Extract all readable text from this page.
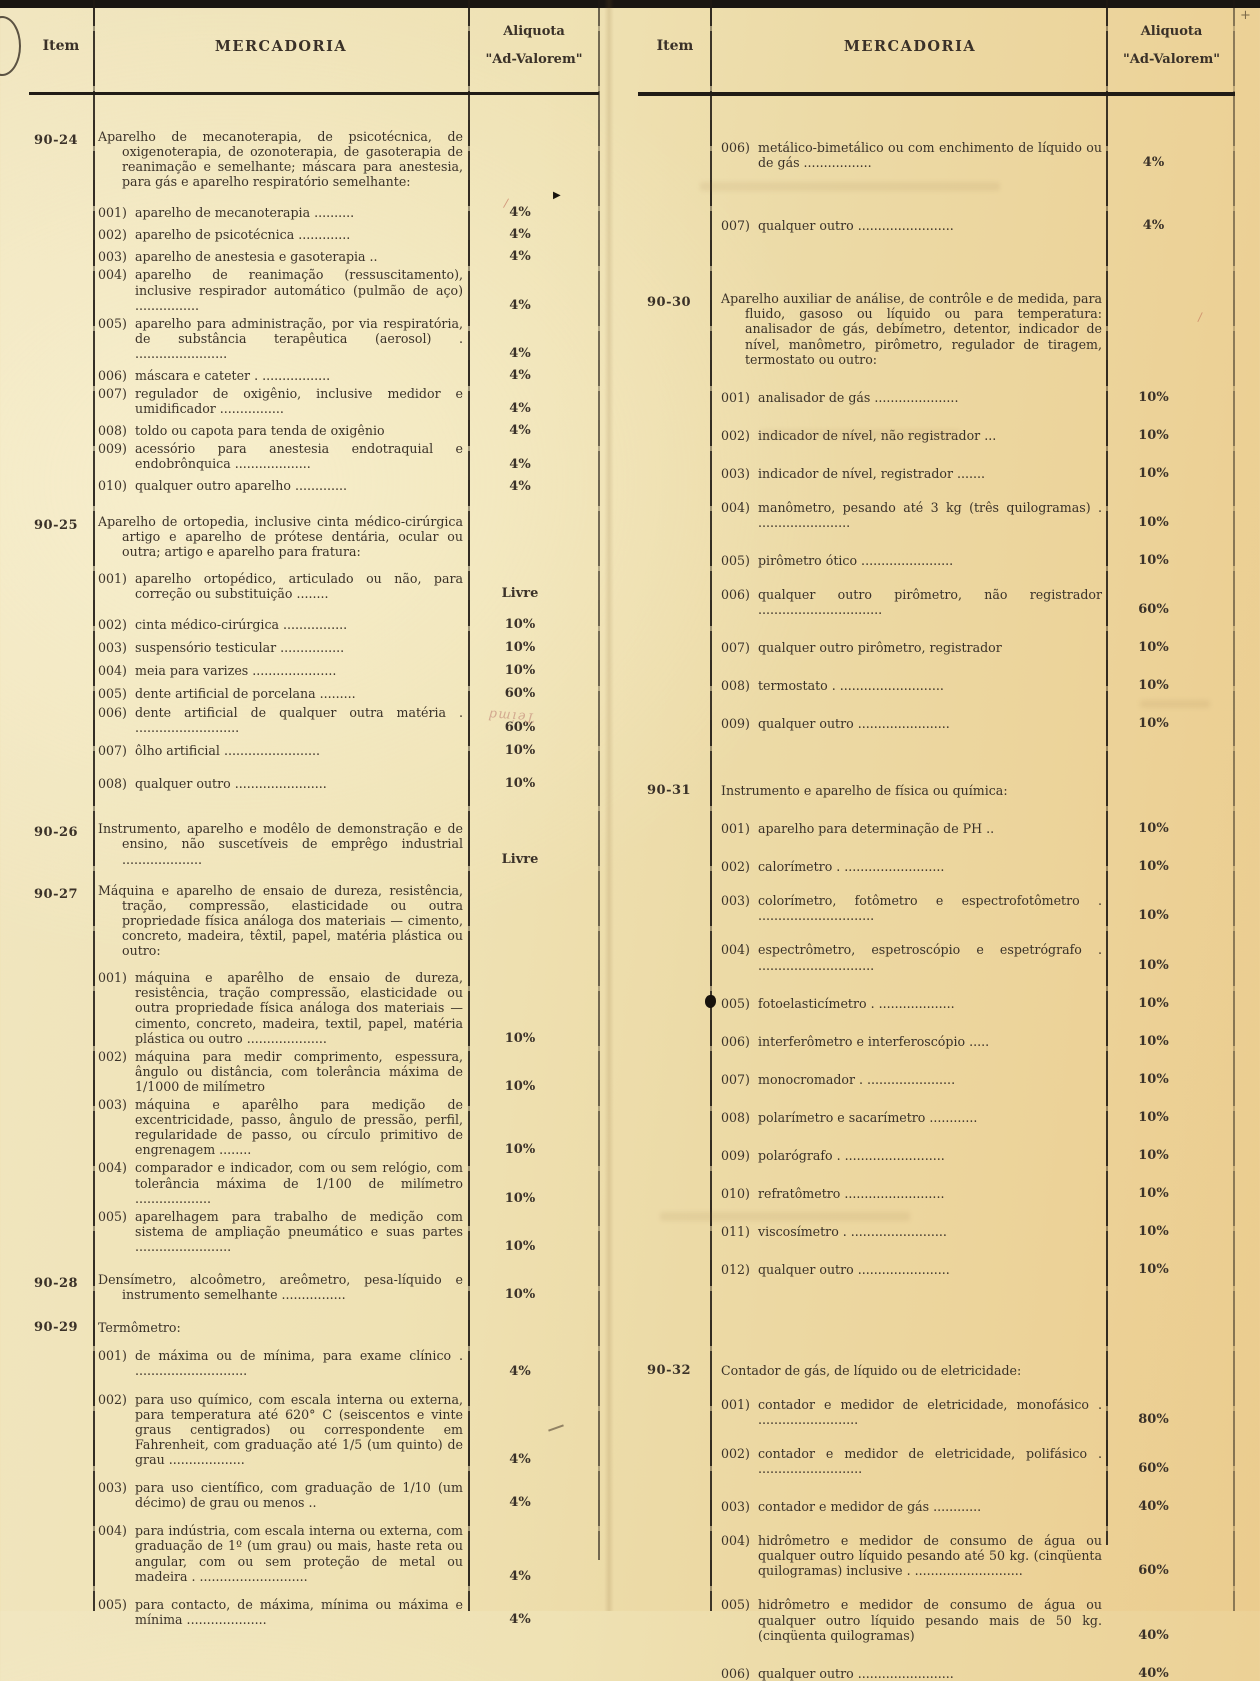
Item	MERCADORIA
Aliquota
"Ad-Valorem"
90-24	Aparelho de mecanoterapia, de psicotécnica, de oxigenoterapia, de ozonoterapia, de gasoterapia de reanimação e semelhante; máscara para anestesia, para gás e aparelho respiratório semelhante:

001) aparelho de mecanoterapia ..........	4%
002) aparelho de psicotécnica .............	4%
003) aparelho de anestesia e gasoterapia ..	4%
004) aparelho de reanimação (ressuscitamento), inclusive respirador automático (pulmão de aço) ................	4%
005) aparelho para administração, por via respiratória, de substância terapêutica (aerosol) . .......................	4%
006) máscara e cateter . .................	4%
007) regulador de oxigênio, inclusive medidor e umidificador ................	4%
008) toldo ou capota para tenda de oxigênio	4%
009) acessório para anestesia endotraquial e endobrônquica ...................	4%
010) qualquer outro aparelho .............	4%
90-25	Aparelho de ortopedia, inclusive cinta médico-cirúrgica artigo e aparelho de prótese dentária, ocular ou outra; artigo e aparelho para fratura:

001) aparelho ortopédico, articulado ou não, para correção ou substituição ........	Livre
002) cinta médico-cirúrgica ................	10%
003) suspensório testicular ................	10%
004) meia para varizes .....................	10%
005) dente artificial de porcelana .........	60%
006) dente artificial de qualquer outra matéria . ..........................	60%
007) ôlho artificial ........................	10%
008) qualquer outro .......................	10%
90-26	Instrumento, aparelho e modêlo de demonstração e de ensino, não suscetíveis de emprêgo industrial ....................	Livre
90-27	Máquina e aparelho de ensaio de dureza, resistência, tração, compressão, elasticidade ou outra propriedade física análoga dos materiais — cimento, concreto, madeira, têxtil, papel, matéria plástica ou outro:

001) máquina e aparêlho de ensaio de dureza, resistência, tração compressão, elasticidade ou outra propriedade física análoga dos materiais — cimento, concreto, madeira, textil, papel, matéria plástica ou outro ....................	10%
002) máquina para medir comprimento, espessura, ângulo ou distância, com tolerância máxima de 1/1000 de milímetro	10%
003) máquina e aparêlho para medição de excentricidade, passo, ângulo de pressão, perfil, regularidade de passo, ou círculo primitivo de engrenagem ........	10%
004) comparador e indicador, com ou sem relógio, com tolerância máxima de 1/100 de milímetro ...................	10%
005) aparelhagem para trabalho de medição com sistema de ampliação pneumático e suas partes ........................	10%
90-28	Densímetro, alcoômetro, areômetro, pesa-líquido e instrumento semelhante ................	10%
90-29	Termômetro:

001) de máxima ou de mínima, para exame clínico . ............................	4%
002) para uso químico, com escala interna ou externa, para temperatura até 620° C (seiscentos e vinte graus centigrados) ou correspondente em Fahrenheit, com graduação até 1/5 (um quinto) de grau ...................	4%
003) para uso científico, com graduação de 1/10 (um décimo) de grau ou menos ..	4%
004) para indústria, com escala interna ou externa, com graduação de 1º (um grau) ou mais, haste reta ou angular, com ou sem proteção de metal ou madeira . ...........................	4%
005) para contacto, de máxima, mínima ou máxima e mínima ....................	4%
Item	MERCADORIA
Aliquota
"Ad-Valorem"
006) metálico-bimetálico ou com enchimento de líquido ou de gás .................	4%
007) qualquer outro ........................	4%
90-30	Aparelho auxiliar de análise, de contrôle e de medida, para fluido, gasoso ou líquido ou para temperatura: analisador de gás, debímetro, detentor, indicador de nível, manômetro, pirômetro, regulador de tiragem, termostato ou outro:

001) analisador de gás .....................	10%
002) indicador de nível, não registrador ...	10%
003) indicador de nível, registrador .......	10%
004) manômetro, pesando até 3 kg (três quilogramas) . .......................	10%
005) pirômetro ótico .......................	10%
006) qualquer outro pirômetro, não registrador ...............................	60%
007) qualquer outro pirômetro, registrador	10%
008) termostato . ..........................	10%
009) qualquer outro .......................	10%
90-31	Instrumento e aparelho de física ou química:

001) aparelho para determinação de PH ..	10%
002) calorímetro . .........................	10%
003) colorímetro, fotômetro e espectrofotômetro . .............................	10%
004) espectrômetro, espetroscópio e espetrógrafo . .............................	10%
005) fotoelasticímetro . ...................	10%
006) interferômetro e interferoscópio .....	10%
007) monocromador . ......................	10%
008) polarímetro e sacarímetro ............	10%
009) polarógrafo . .........................	10%
010) refratômetro .........................	10%
011) viscosímetro . ........................	10%
012) qualquer outro .......................	10%
90-32	Contador de gás, de líquido ou de eletricidade:

001) contador e medidor de eletricidade, monofásico . .........................	80%
002) contador e medidor de eletricidade, polifásico . ..........................	60%
003) contador e medidor de gás ............	40%
004) hidrômetro e medidor de consumo de água ou qualquer outro líquido pesando até 50 kg. (cinqüenta quilogramas) inclusive . ...........................	60%
005) hidrômetro e medidor de consumo de água ou qualquer outro líquido pesando mais de 50 kg. (cinqüenta quilogramas)	40%
006) qualquer outro ........................	40%
▶
+
/
/
Teimd
